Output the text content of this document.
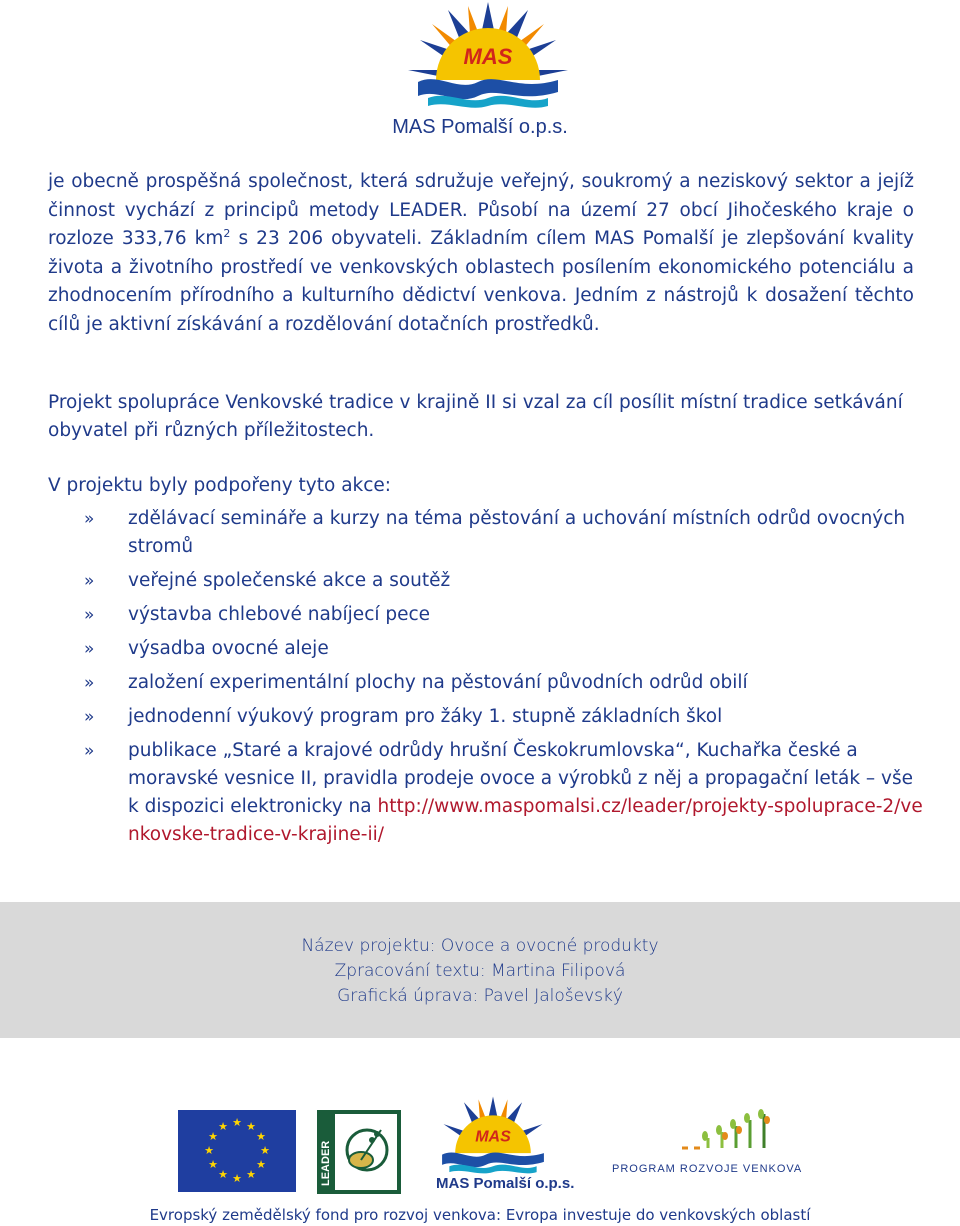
MAS
MAS Pomalší o.p.s.
je obecně prospěšná společnost, která sdružuje veřejný, soukromý a neziskový sektor a jejíž činnost vychází z principů metody LEADER. Působí na území 27 obcí Jihočeského kraje o rozloze 333,76 $km^2$ s 23 206 obyvateli. Základním cílem MAS Pomalší je zlepšování kvality života a životního prostředí ve venkovských oblastech posílením ekonomického potenciálu a zhodnocením přírodního a kulturního dědictví venkova. Jedním z nástrojů k dosažení těchto cílů je aktivní získávání a rozdělování dotačních prostředků.
Projekt spolupráce Venkovské tradice v krajině II si vzal za cíl posílit místní tradice setkávání obyvatel při různých příležitostech.
V projektu byly podpořeny tyto akce:
» zdělávací semináře a kurzy na téma pěstování a uchování místních odrůd ovocných stromů
» veřejné společenské akce a soutěž
» výstavba chlebové nabíjecí pece
» výsadba ovocné aleje
» založení experimentální plochy na pěstování původních odrůd obilí
» jednodenní výukový program pro žáky 1. stupně základních škol
» publikace „Staré a krajové odrůdy hrušní Českokrumlovska“, Kuchařka české a moravské vesnice II, pravidla prodeje ovoce a výrobků z něj a propagační leták – vše k dispozici elektronicky na http://www.maspomalsi.cz/leader/projekty-spoluprace-2/venkovske-tradice-v-krajine-ii/
Název projektu: Ovoce a ovocné produkty
Zpracování textu: Martina Filipová
Grafická úprava: Pavel Jaloševský
★ ★
★
★
★
★
★
★
★
★
★
★
LEADER
MAS
MAS Pomalší o.p.s.
PROGRAM ROZVOJE VENKOVA
Evropský zemědělský fond pro rozvoj venkova: Evropa investuje do venkovských oblastí
